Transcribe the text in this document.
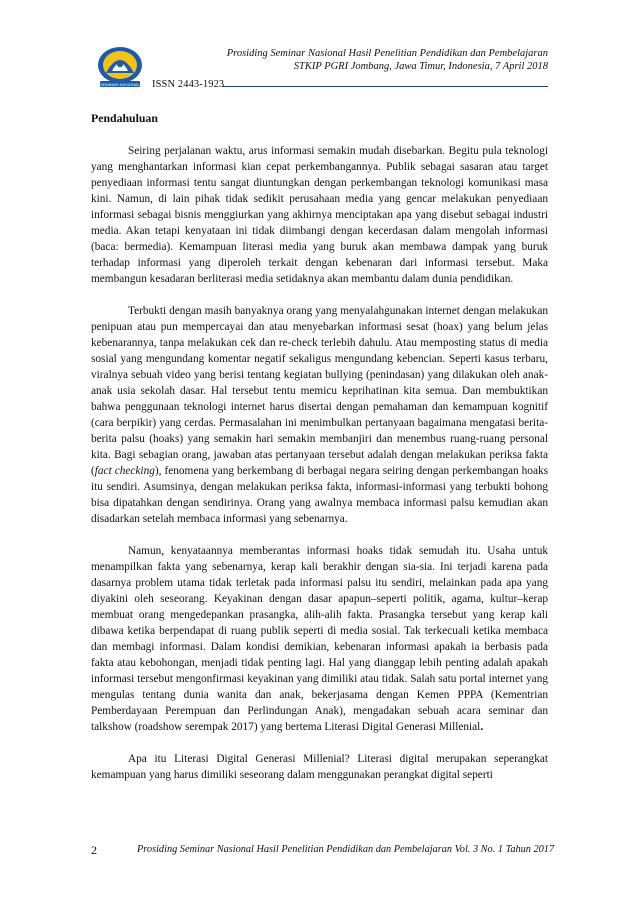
SEMINAR NASIONAL ISSN 2443-1923
Prosiding Seminar Nasional Hasil Penelitian Pendidikan dan Pembelajaran
STKIP PGRI Jombang, Jawa Timur, Indonesia, 7 April 2018
Pendahuluan

Seiring perjalanan waktu, arus informasi semakin mudah disebarkan. Begitu pula teknologi yang menghantarkan informasi kian cepat perkembangannya. Publik sebagai sasaran atau target penyediaan informasi tentu sangat diuntungkan dengan perkembangan teknologi komunikasi masa kini. Namun, di lain pihak tidak sedikit perusahaan media yang gencar melakukan penyediaan informasi sebagai bisnis menggiurkan yang akhirnya menciptakan apa yang disebut sebagai industri media. Akan tetapi kenyataan ini tidak diimbangi dengan kecerdasan dalam mengolah informasi (baca: bermedia). Kemampuan literasi media yang buruk akan membawa dampak yang buruk terhadap informasi yang diperoleh terkait dengan kebenaran dari informasi tersebut. Maka membangun kesadaran berliterasi media setidaknya akan membantu dalam dunia pendidikan.

Terbukti dengan masih banyaknya orang yang menyalahgunakan internet dengan melakukan penipuan atau pun mempercayai dan atau menyebarkan informasi sesat (hoax) yang belum jelas kebenarannya, tanpa melakukan cek dan re-check terlebih dahulu. Atau memposting status di media sosial yang mengundang komentar negatif sekaligus mengundang kebencian. Seperti kasus terbaru, viralnya sebuah video yang berisi tentang kegiatan bullying (penindasan) yang dilakukan oleh anak-anak usia sekolah dasar. Hal tersebut tentu memicu keprihatinan kita semua. Dan membuktikan bahwa penggunaan teknologi internet harus disertai dengan pemahaman dan kemampuan kognitif (cara berpikir) yang cerdas. Permasalahan ini menimbulkan pertanyaan bagaimana mengatasi berita-berita palsu (hoaks) yang semakin hari semakin membanjiri dan menembus ruang-ruang personal kita. Bagi sebagian orang, jawaban atas pertanyaan tersebut adalah dengan melakukan periksa fakta (fact checking), fenomena yang berkembang di berbagai negara seiring dengan perkembangan hoaks itu sendiri. Asumsinya, dengan melakukan periksa fakta, informasi-informasi yang terbukti bohong bisa dipatahkan dengan sendirinya. Orang yang awalnya membaca informasi palsu kemudian akan disadarkan setelah membaca informasi yang sebenarnya.

Namun, kenyataannya memberantas informasi hoaks tidak semudah itu. Usaha untuk menampilkan fakta yang sebenarnya, kerap kali berakhir dengan sia-sia. Ini terjadi karena pada dasarnya problem utama tidak terletak pada informasi palsu itu sendiri, melainkan pada apa yang diyakini oleh seseorang. Keyakinan dengan dasar apapun–seperti politik, agama, kultur–kerap membuat orang mengedepankan prasangka, alih-alih fakta. Prasangka tersebut yang kerap kali dibawa ketika berpendapat di ruang publik seperti di media sosial. Tak terkecuali ketika membaca dan membagi informasi. Dalam kondisi demikian, kebenaran informasi apakah ia berbasis pada fakta atau kebohongan, menjadi tidak penting lagi. Hal yang dianggap lebih penting adalah apakah informasi tersebut mengonfirmasi keyakinan yang dimiliki atau tidak. Salah satu portal internet yang mengulas tentang dunia wanita dan anak, bekerjasama dengan Kemen PPPA (Kementrian Pemberdayaan Perempuan dan Perlindungan Anak), mengadakan sebuah acara seminar dan talkshow (roadshow serempak 2017) yang bertema Literasi Digital Generasi Millenial.

Apa itu Literasi Digital Generasi Millenial? Literasi digital merupakan seperangkat kemampuan yang harus dimiliki seseorang dalam menggunakan perangkat digital seperti

2	Prosiding Seminar Nasional Hasil Penelitian Pendidikan dan Pembelajaran Vol. 3 No. 1 Tahun 2017
